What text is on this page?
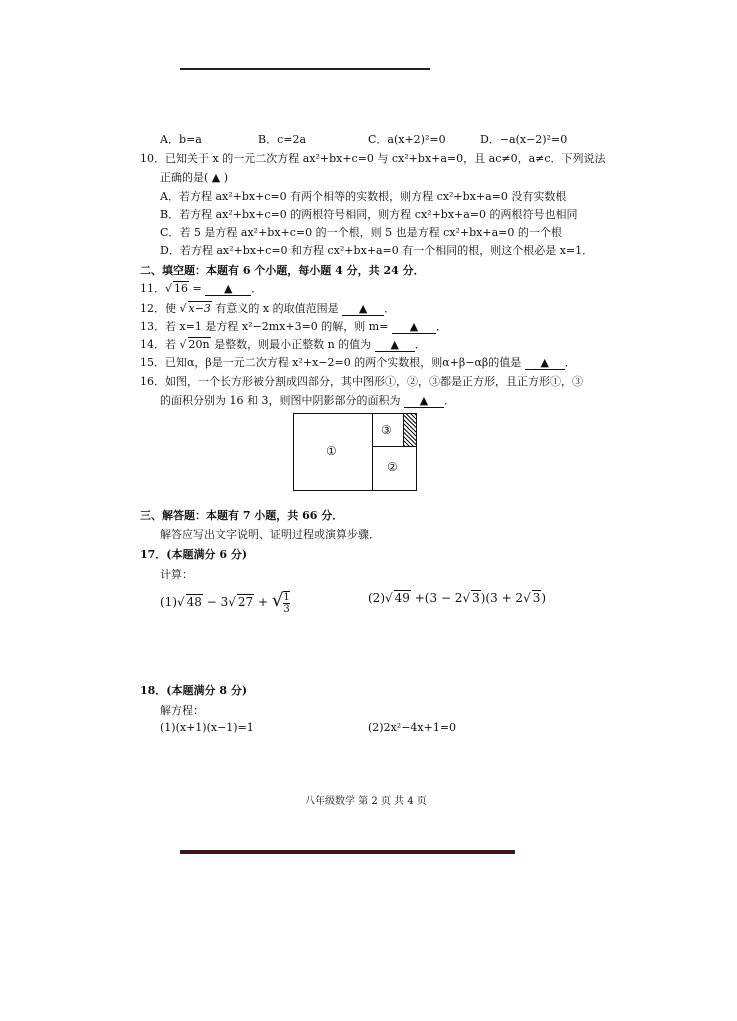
A．b=a	B．c=2a	C．a(x+2)²=0	D．−a(x−2)²=0
10．已知关于 x 的一元二次方程 ax²+bx+c=0 与 cx²+bx+a=0，且 ac≠0，a≠c．下列说法
正确的是( ▲ )
A．若方程 ax²+bx+c=0 有两个相等的实数根，则方程 cx²+bx+a=0 没有实数根
B．若方程 ax²+bx+c=0 的两根符号相同，则方程 cx²+bx+a=0 的两根符号也相同
C．若 5 是方程 ax²+bx+c=0 的一个根，则 5 也是方程 cx²+bx+a=0 的一个根
D．若方程 ax²+bx+c=0 和方程 cx²+bx+a=0 有一个相同的根，则这个根必是 x=1．
二、填空题：本题有 6 个小题，每小题 4 分，共 24 分．
11．√ 16 = ▲ ．
12．使 √ x−3 有意义的 x 的取值范围是 ▲ ．
13．若 x=1 是方程 x²−2mx+3=0 的解，则 m= ▲ ．
14．若 √ 20n 是整数，则最小正整数 n 的值为 ▲ ．
15．已知α，β是一元二次方程 x²+x−2=0 的两个实数根，则α+β−αβ的值是 ▲ ．
16．如图，一个长方形被分割成四部分，其中图形①，②，③都是正方形，且正方形①，③
的面积分别为 16 和 3，则图中阴影部分的面积为 ▲ ．
①
③
②
三、解答题：本题有 7 小题，共 66 分．
解答应写出文字说明、证明过程或演算步骤．
17．(本题满分 6 分)
计算：
(1)√ 48 − 3√ 27 + √ $\frac{1}{3}$	(2)√ 49 +(3 − 2√ 3)(3 + 2√ 3)
18．(本题满分 8 分)
解方程：
(1)(x+1)(x−1)=1	(2)2x²−4x+1=0
八年级数学 第 2 页 共 4 页
